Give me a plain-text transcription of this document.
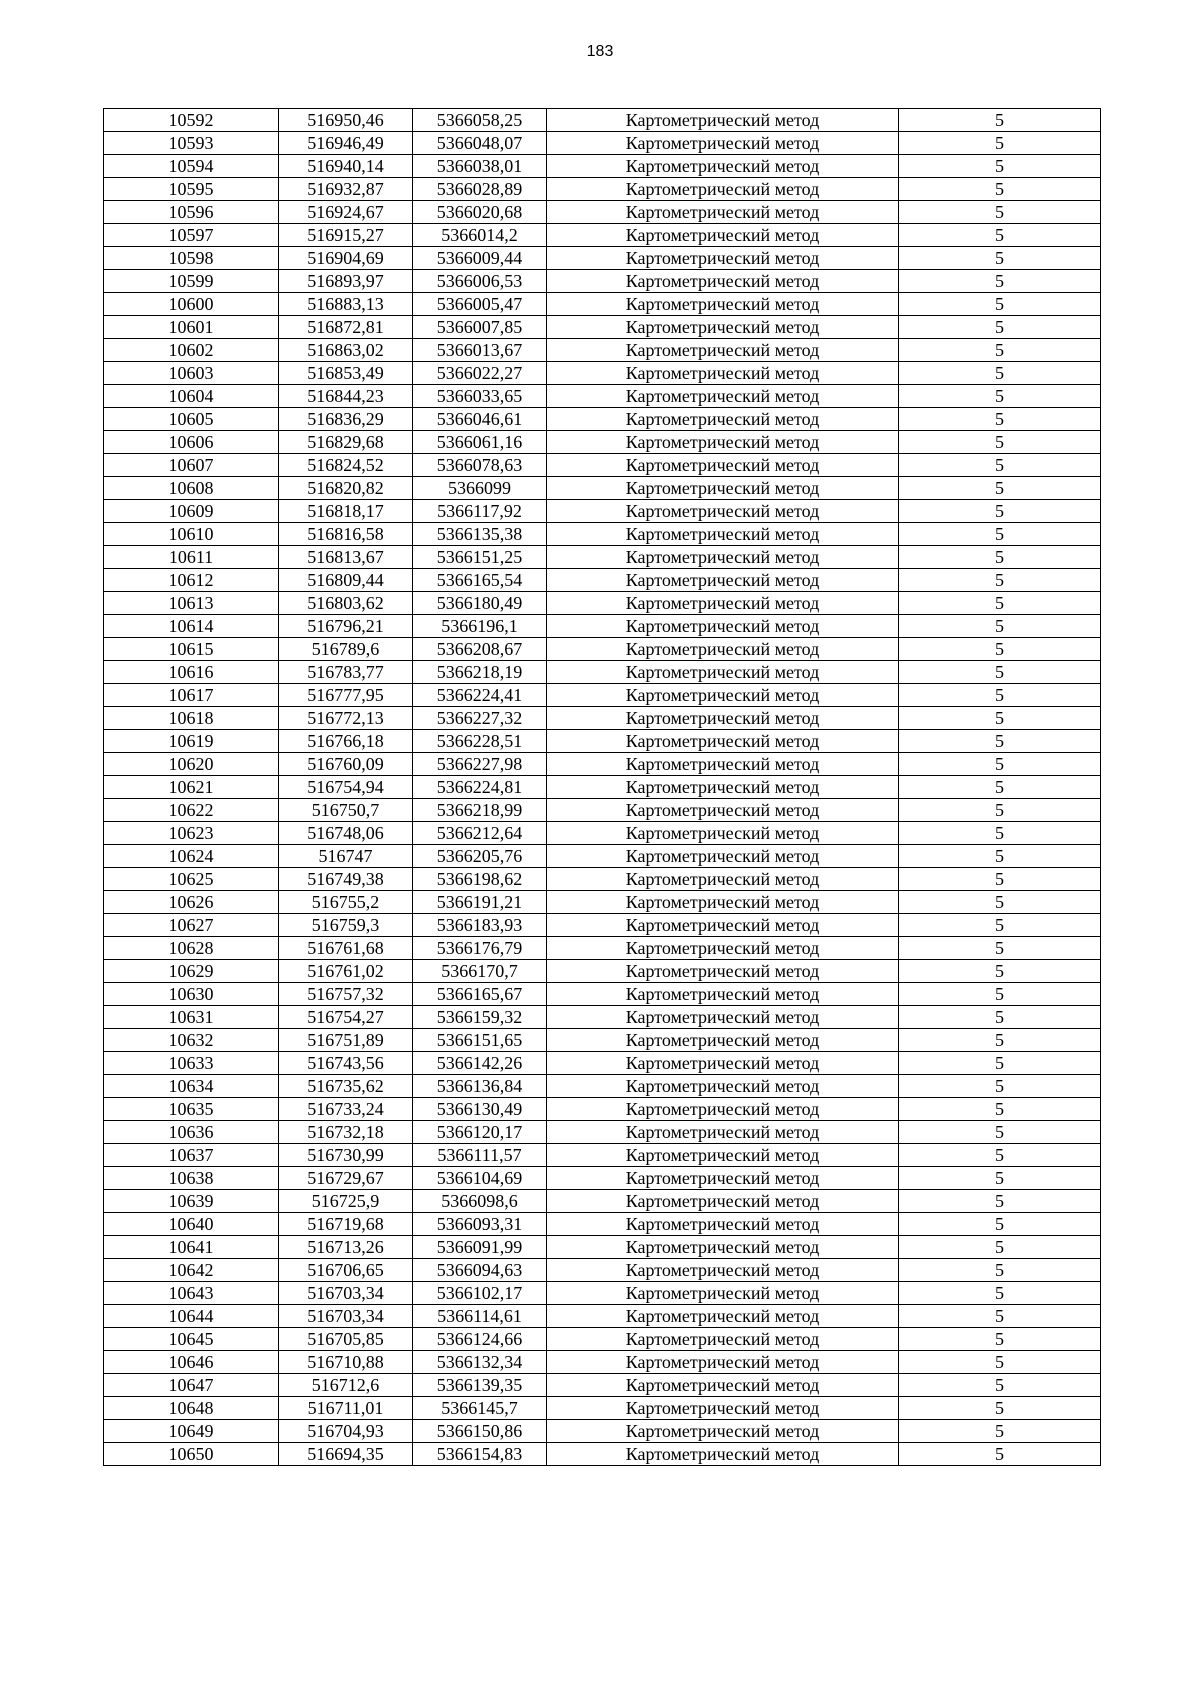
183
10592	516950,46	5366058,25	Картометрический метод	5
10593	516946,49	5366048,07	Картометрический метод	5
10594	516940,14	5366038,01	Картометрический метод	5
10595	516932,87	5366028,89	Картометрический метод	5
10596	516924,67	5366020,68	Картометрический метод	5
10597	516915,27	5366014,2	Картометрический метод	5
10598	516904,69	5366009,44	Картометрический метод	5
10599	516893,97	5366006,53	Картометрический метод	5
10600	516883,13	5366005,47	Картометрический метод	5
10601	516872,81	5366007,85	Картометрический метод	5
10602	516863,02	5366013,67	Картометрический метод	5
10603	516853,49	5366022,27	Картометрический метод	5
10604	516844,23	5366033,65	Картометрический метод	5
10605	516836,29	5366046,61	Картометрический метод	5
10606	516829,68	5366061,16	Картометрический метод	5
10607	516824,52	5366078,63	Картометрический метод	5
10608	516820,82	5366099	Картометрический метод	5
10609	516818,17	5366117,92	Картометрический метод	5
10610	516816,58	5366135,38	Картометрический метод	5
10611	516813,67	5366151,25	Картометрический метод	5
10612	516809,44	5366165,54	Картометрический метод	5
10613	516803,62	5366180,49	Картометрический метод	5
10614	516796,21	5366196,1	Картометрический метод	5
10615	516789,6	5366208,67	Картометрический метод	5
10616	516783,77	5366218,19	Картометрический метод	5
10617	516777,95	5366224,41	Картометрический метод	5
10618	516772,13	5366227,32	Картометрический метод	5
10619	516766,18	5366228,51	Картометрический метод	5
10620	516760,09	5366227,98	Картометрический метод	5
10621	516754,94	5366224,81	Картометрический метод	5
10622	516750,7	5366218,99	Картометрический метод	5
10623	516748,06	5366212,64	Картометрический метод	5
10624	516747	5366205,76	Картометрический метод	5
10625	516749,38	5366198,62	Картометрический метод	5
10626	516755,2	5366191,21	Картометрический метод	5
10627	516759,3	5366183,93	Картометрический метод	5
10628	516761,68	5366176,79	Картометрический метод	5
10629	516761,02	5366170,7	Картометрический метод	5
10630	516757,32	5366165,67	Картометрический метод	5
10631	516754,27	5366159,32	Картометрический метод	5
10632	516751,89	5366151,65	Картометрический метод	5
10633	516743,56	5366142,26	Картометрический метод	5
10634	516735,62	5366136,84	Картометрический метод	5
10635	516733,24	5366130,49	Картометрический метод	5
10636	516732,18	5366120,17	Картометрический метод	5
10637	516730,99	5366111,57	Картометрический метод	5
10638	516729,67	5366104,69	Картометрический метод	5
10639	516725,9	5366098,6	Картометрический метод	5
10640	516719,68	5366093,31	Картометрический метод	5
10641	516713,26	5366091,99	Картометрический метод	5
10642	516706,65	5366094,63	Картометрический метод	5
10643	516703,34	5366102,17	Картометрический метод	5
10644	516703,34	5366114,61	Картометрический метод	5
10645	516705,85	5366124,66	Картометрический метод	5
10646	516710,88	5366132,34	Картометрический метод	5
10647	516712,6	5366139,35	Картометрический метод	5
10648	516711,01	5366145,7	Картометрический метод	5
10649	516704,93	5366150,86	Картометрический метод	5
10650	516694,35	5366154,83	Картометрический метод	5
